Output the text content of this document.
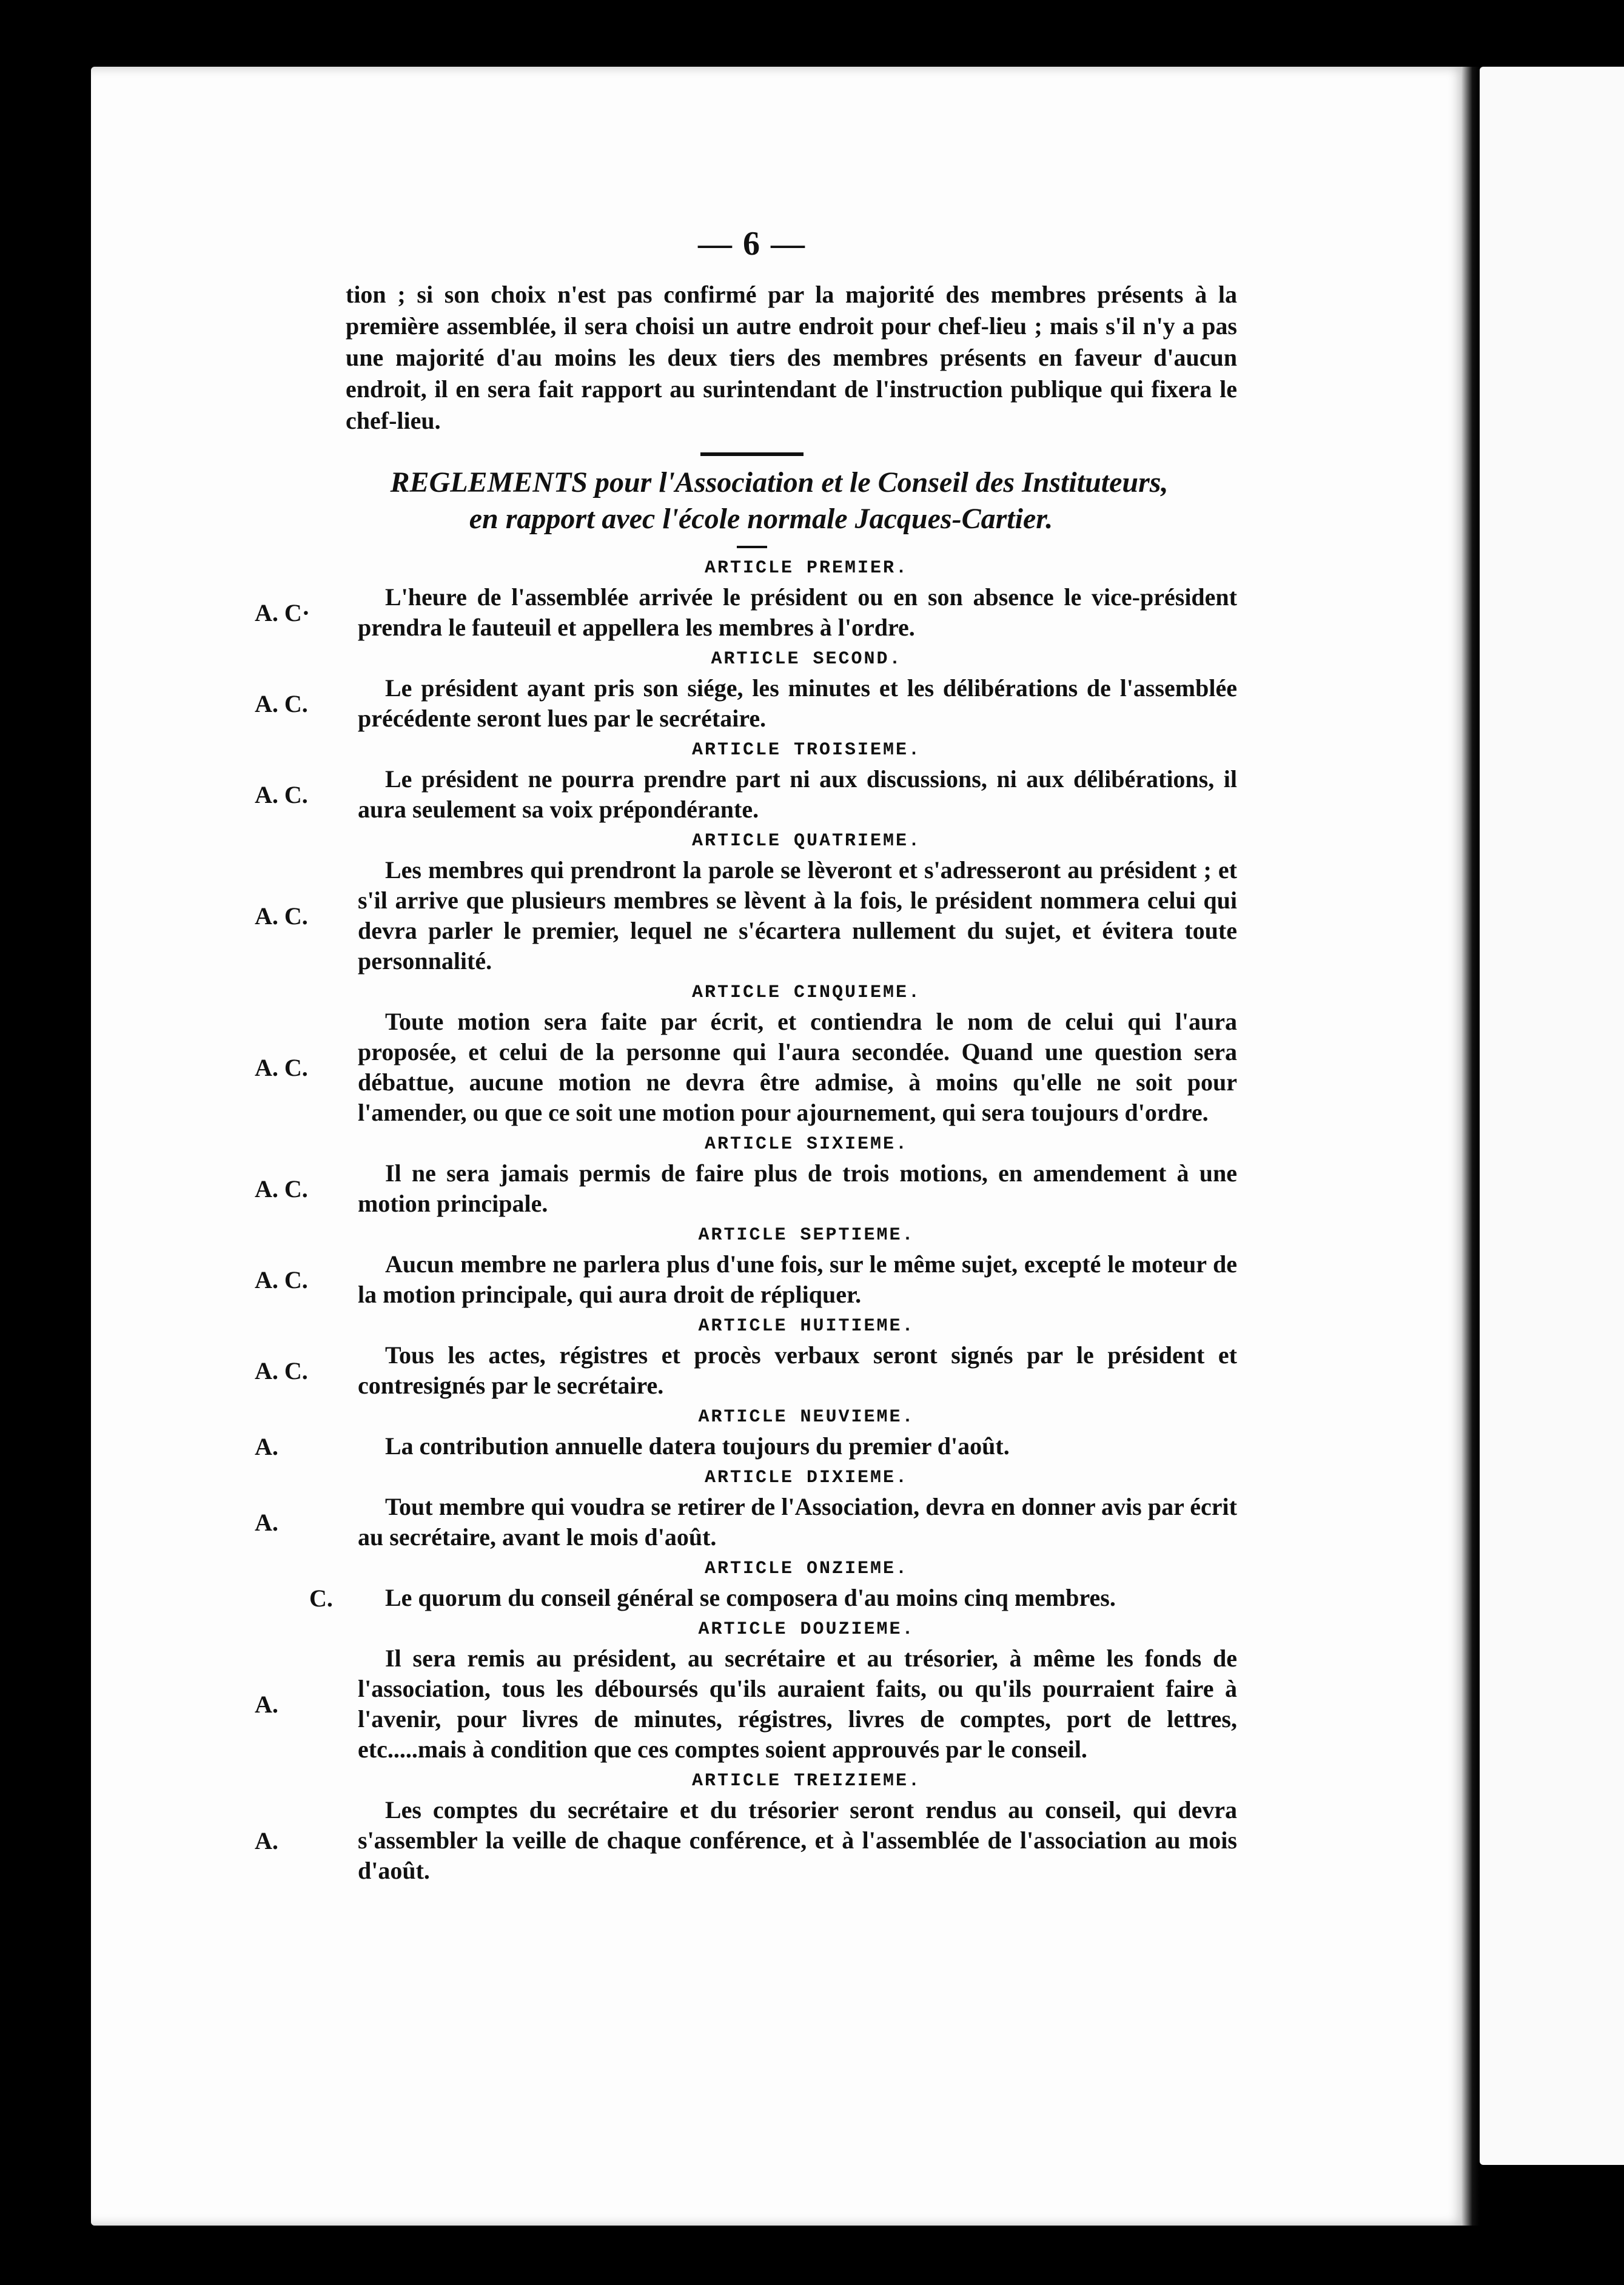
— 6 —
tion ; si son choix n'est pas confirmé par la majorité des membres présents à la première assemblée, il sera choisi un autre endroit pour chef-lieu ; mais s'il n'y a pas une majorité d'au moins les deux tiers des membres présents en faveur d'aucun endroit, il en sera fait rapport au surintendant de l'instruction publique qui fixera le chef-lieu.
REGLEMENTS pour l'Association et le Conseil des Instituteurs,
en rapport avec l'école normale Jacques-Cartier.
ARTICLE PREMIER.
A. C·
L'heure de l'assemblée arrivée le président ou en son absence le vice-président prendra le fauteuil et appellera les membres à l'ordre.
ARTICLE SECOND.
A. C.
Le président ayant pris son siége, les minutes et les délibérations de l'assemblée précédente seront lues par le secrétaire.
ARTICLE TROISIEME.
A. C.
Le président ne pourra prendre part ni aux discussions, ni aux délibérations, il aura seulement sa voix prépondérante.
ARTICLE QUATRIEME.
A. C.
Les membres qui prendront la parole se lèveront et s'adresseront au président ; et s'il arrive que plusieurs membres se lèvent à la fois, le président nommera celui qui devra parler le premier, lequel ne s'écartera nullement du sujet, et évitera toute personnalité.
ARTICLE CINQUIEME.
A. C.
Toute motion sera faite par écrit, et contiendra le nom de celui qui l'aura proposée, et celui de la personne qui l'aura secondée. Quand une question sera débattue, aucune motion ne devra être admise, à moins qu'elle ne soit pour l'amender, ou que ce soit une motion pour ajournement, qui sera toujours d'ordre.
ARTICLE SIXIEME.
A. C.
Il ne sera jamais permis de faire plus de trois motions, en amendement à une motion principale.
ARTICLE SEPTIEME.
A. C.
Aucun membre ne parlera plus d'une fois, sur le même sujet, excepté le moteur de la motion principale, qui aura droit de répliquer.
ARTICLE HUITIEME.
A. C.
Tous les actes, régistres et procès verbaux seront signés par le président et contresignés par le secrétaire.
ARTICLE NEUVIEME.
A.	La contribution annuelle datera toujours du premier d'août.
ARTICLE DIXIEME.
A.
Tout membre qui voudra se retirer de l'Association, devra en donner avis par écrit au secrétaire, avant le mois d'août.
ARTICLE ONZIEME.
C.	Le quorum du conseil général se composera d'au moins cinq membres.
ARTICLE DOUZIEME.
A.
Il sera remis au président, au secrétaire et au trésorier, à même les fonds de l'association, tous les déboursés qu'ils auraient faits, ou qu'ils pourraient faire à l'avenir, pour livres de minutes, régistres, livres de comptes, port de lettres, etc.....mais à condition que ces comptes soient approuvés par le conseil.
ARTICLE TREIZIEME.
A.
Les comptes du secrétaire et du trésorier seront rendus au conseil, qui devra s'assembler la veille de chaque conférence, et à l'assemblée de l'association au mois d'août.
